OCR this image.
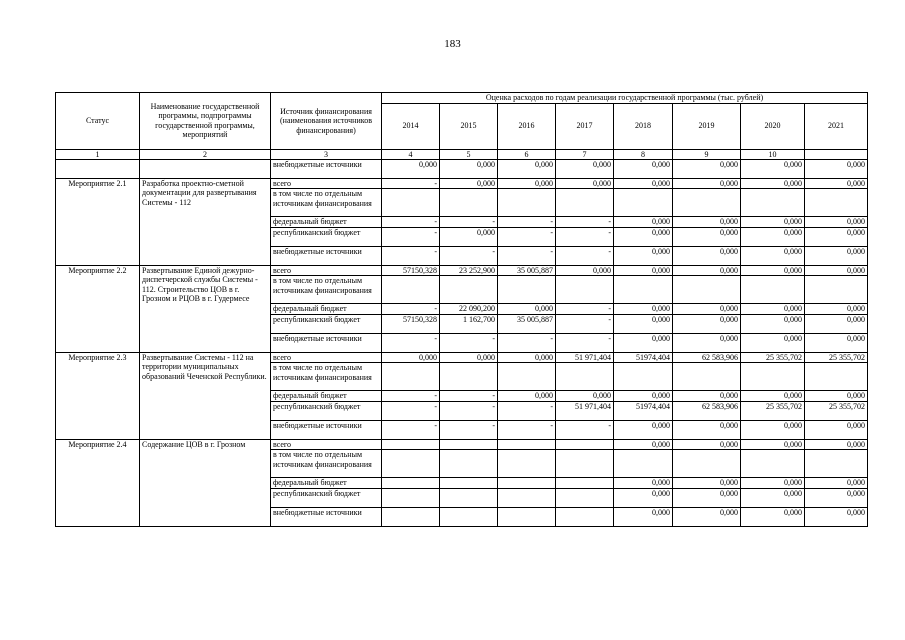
183
Статус	Наименование государственной программы, подпрограммы государственной программы, мероприятий	Источник финансирования (наименования источников финансирования)	Оценка расходов по годам реализации государственной программы (тыс. рублей)							
			2014	2015	2016	2017	2018	2019	2020	2021
1	2	3	4	5	6	7	8	9	10	
		внебюджетные источники	0,000	0,000	0,000	0,000	0,000	0,000	0,000	0,000
Мероприятие 2.1	Разработка проектно-сметной документации для развертывания Системы - 112	всего	-	0,000	0,000	0,000	0,000	0,000	0,000	0,000
		в том числе по отдельным источникам финансирования								
		федеральный бюджет	-	-	-	-	0,000	0,000	0,000	0,000
		республиканский бюджет	-	0,000	-	-	0,000	0,000	0,000	0,000
		внебюджетные источники	-	-	-	-	0,000	0,000	0,000	0,000
Мероприятие 2.2	Развертывание Единой дежурно-диспетчерской службы Системы - 112. Строительство ЦОВ в г. Грозном и РЦОВ в г. Гудермесе	всего	57150,328	23 252,900	35 005,887	0,000	0,000	0,000	0,000	0,000
		в том числе по отдельным источникам финансирования								
		федеральный бюджет	-	22 090,200	0,000	-	0,000	0,000	0,000	0,000
		республиканский бюджет	57150,328	1 162,700	35 005,887	-	0,000	0,000	0,000	0,000
		внебюджетные источники	-	-	-	-	0,000	0,000	0,000	0,000
Мероприятие 2.3	Развертывание Системы - 112 на территории муниципальных образований Чеченской Республики.	всего	0,000	0,000	0,000	51 971,404	51974,404	62 583,906	25 355,702	25 355,702
		в том числе по отдельным источникам финансирования								
		федеральный бюджет	-	-	0,000	0,000	0,000	0,000	0,000	0,000
		республиканский бюджет	-	-	-	51 971,404	51974,404	62 583,906	25 355,702	25 355,702
		внебюджетные источники	-	-	-	-	0,000	0,000	0,000	0,000
Мероприятие 2.4	Содержание ЦОВ в г. Грозном	всего					0,000	0,000	0,000	0,000
		в том числе по отдельным источникам финансирования								
		федеральный бюджет					0,000	0,000	0,000	0,000
		республиканский бюджет					0,000	0,000	0,000	0,000
		внебюджетные источники					0,000	0,000	0,000	0,000
